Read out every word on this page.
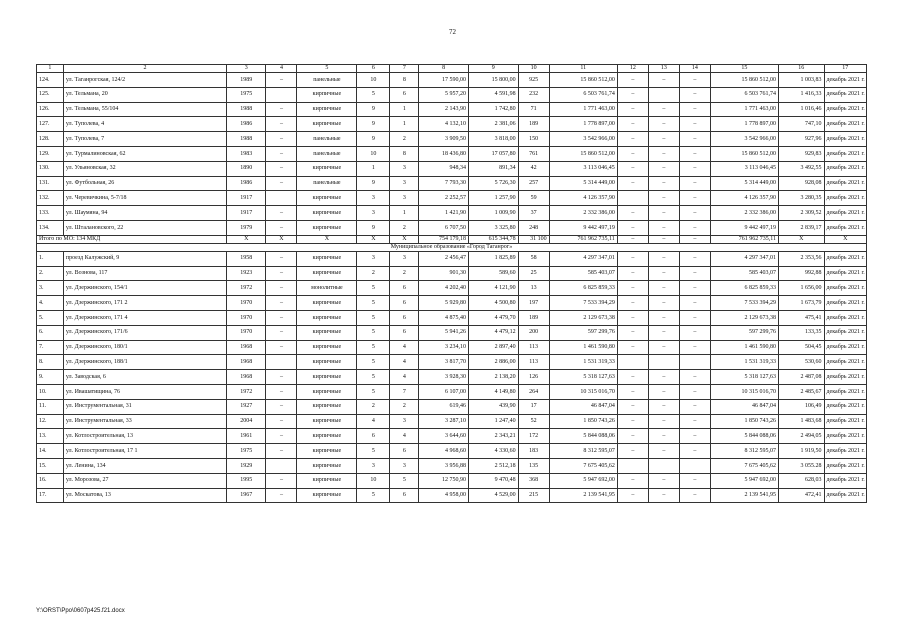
72
1	2	3	4	5	6	7	8	9	10	11	12	13	14	15	16	17
124.	ул. Таганрогская, 124/2	1989	–	панельные	10	8	17 590,00	15 800,00	925	15 860 512,00	–	–	–	15 860 512,00	1 003,83	декабрь 2021 г.
125.	ул. Тельмана, 20	1975		кирпичные	5	6	5 957,20	4 591,98	232	6 503 761,74	–		–	6 503 761,74	1 416,33	декабрь 2021 г.
126.	ул. Тельмана, 55/104	1988	–	кирпичные	9	1	2 143,90	1 742,80	71	1 771 463,00	–	–	–	1 771 463,00	1 016,46	декабрь 2021 г.
127.	ул. Туполева, 4	1986	–	кирпичные	9	1	4 132,10	2 381,06	189	1 778 897,00	–	–	–	1 778 897,00	747,10	декабрь 2021 г.
128.	ул. Туполева, 7	1988	–	панельные	9	2	3 909,50	3 818,00	150	3 542 966,00	–	–	–	3 542 966,00	927,96	декабрь 2021 г.
129.	ул. Турмалиновская, 62	1983	–	панельные	10	8	18 436,80	17 057,80	761	15 860 512,00	–	–	–	15 860 512,00	929,83	декабрь 2021 г.
130.	ул. Ульяновская, 32	1890	–	кирпичные	1	3	948,34	891,34	42	3 113 046,45	–	–	–	3 113 046,45	3 492,55	декабрь 2021 г.
131.	ул. Футбольная, 26	1986	–	панельные	9	3	7 793,30	5 726,30	257	5 314 449,00	–	–	–	5 314 449,00	928,08	декабрь 2021 г.
132.	ул. Черевичкина, 5-7/18	1917		кирпичные	3	3	2 252,57	1 257,90	59	4 126 357,90		–	–	4 126 357,90	3 280,35	декабрь 2021 г.
133.	ул. Шаумяна, 94	1917	–	кирпичные	3	1	1 421,90	1 009,90	37	2 332 386,00	–	–	–	2 332 386,00	2 309,52	декабрь 2021 г.
134.	ул. Шталановского, 22	1979	–	кирпичные	9	2	6 707,50	3 325,80	248	9 442 497,19	–	–	–	9 442 497,19	2 839,17	декабрь 2021 г.
Итого по МО: 134 МКД		X	X	X	X	X	754 179,18	615 344,78	31 100	761 962 735,11	–	–	–	761 962 735,11	X	X
Муниципальное образование «Город Таганрог»																
1.	проезд Калужский, 9	1958	–	кирпичные	3	3	2 456,47	1 825,89	58	4 297 347,01	–	–	–	4 297 347,01	2 353,56	декабрь 2021 г.
2.	ул. Вознова, 117	1923	–	кирпичные	2	2	901,30	589,60	25	585 403,07	–	–	–	585 403,07	992,88	декабрь 2021 г.
3.	ул. Дзержинского, 154/1	1972	–	монолитные	5	6	4 202,40	4 121,90	13	6 825 859,33	–	–	–	6 825 859,33	1 656,00	декабрь 2021 г.
4.	ул. Дзержинского, 171 2	1970	–	кирпичные	5	6	5 929,80	4 500,80	197	7 533 394,29	–	–	–	7 533 394,29	1 673,79	декабрь 2021 г.
5.	ул. Дзержинского, 171 4	1970	–	кирпичные	5	6	4 875,40	4 479,70	189	2 129 673,38	–	–	–	2 129 673,38	475,41	декабрь 2021 г.
6.	ул. Дзержинского, 171/6	1970	–	кирпичные	5	6	5 941,26	4 479,12	200	597 299,76	–	–	–	597 299,76	133,35	декабрь 2021 г.
7.	ул. Дзержинского, 180/1	1968	–	кирпичные	5	4	3 234,10	2 897,40	113	1 461 590,80	–	–	–	1 461 590,80	504,45	декабрь 2021 г.
8.	ул. Дзержинского, 188/1	1968		кирпичные	5	4	3 817,70	2 886,00	113	1 531 319,33				1 531 319,33	530,60	декабрь 2021 г.
9.	ул. Заводская, 6	1968	–	кирпичные	5	4	3 928,30	2 138,20	126	5 318 127,63	–	–	–	5 318 127,63	2 487,08	декабрь 2021 г.
10.	ул. Ивашатищина, 76	1972	–	кирпичные	5	7	6 107,00	4 149,80	264	10 315 016,70	–	–	–	10 315 016,70	2 485,67	декабрь 2021 г.
11.	ул. Инструментальная, 31	1927	–	кирпичные	2	2	619,46	439,90	17	46 847,04	–	–	–	46 847,04	106,49	декабрь 2021 г.
12.	ул. Инструментальная, 33	2004	–	кирпичные	4	3	3 287,10	1 247,40	52	1 850 743,26	–	–	–	1 850 743,26	1 483,68	декабрь 2021 г.
13.	ул. Котлостроительная, 13	1961	–	кирпичные	6	4	3 644,60	2 343,21	172	5 844 088,06	–	–	–	5 844 088,06	2 494,05	декабрь 2021 г.
14.	ул. Котлостроительная, 17 1	1975	–	кирпичные	5	6	4 968,60	4 330,60	183	8 312 595,07	–	–	–	8 312 595,07	1 919,50	декабрь 2021 г.
15.	ул. Ленина, 134	1929		кирпичные	3	3	3 956,88	2 512,18	135	7 675 405,62				7 675 405,62	3 055.28	декабрь 2021 г.
16.	ул. Морозова, 27	1995	–	кирпичные	10	5	12 750,90	9 470,48	368	5 947 692,00	–	–	–	5 947 692,00	628,03	декабрь 2021 г.
17.	ул. Москатова, 13	1967	–	кирпичные	5	6	4 958,00	4 529,00	215	2 139 541,95	–	–	–	2 139 541,95	472,41	декабрь 2021 г.
Y:\ORST\Ppo\0607p425.f21.docx
